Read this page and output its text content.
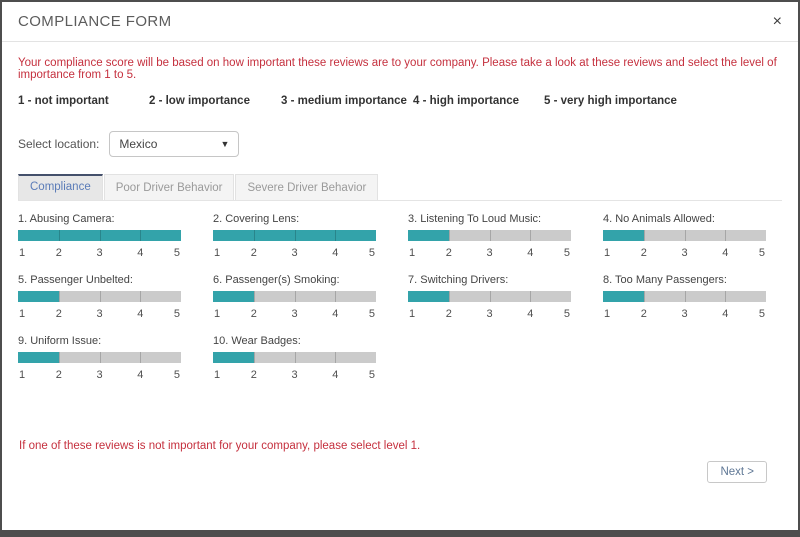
COMPLIANCE FORM	×
Your compliance score will be based on how important these reviews are to your company. Please take a look at these reviews and select the level of importance from 1 to 5.
1 - not important	2 - low importance	3 - medium importance 4 - high importance	5 - very high importance
Select location: Mexico	▼
Compliance	Poor Driver Behavior	Severe Driver Behavior
1. Abusing Camera:
1	2	3	4	5
2. Covering Lens:
1	2	3	4	5
3. Listening To Loud Music:
1	2	3	4	5
4. No Animals Allowed:
1	2	3	4	5
5. Passenger Unbelted:
1	2	3	4	5
6. Passenger(s) Smoking:
1	2	3	4	5
7. Switching Drivers:
1	2	3	4	5
8. Too Many Passengers:
1	2	3	4	5
9. Uniform Issue:
1	2	3	4	5
10. Wear Badges:
1	2	3	4	5
If one of these reviews is not important for your company, please select level 1.
Next >
